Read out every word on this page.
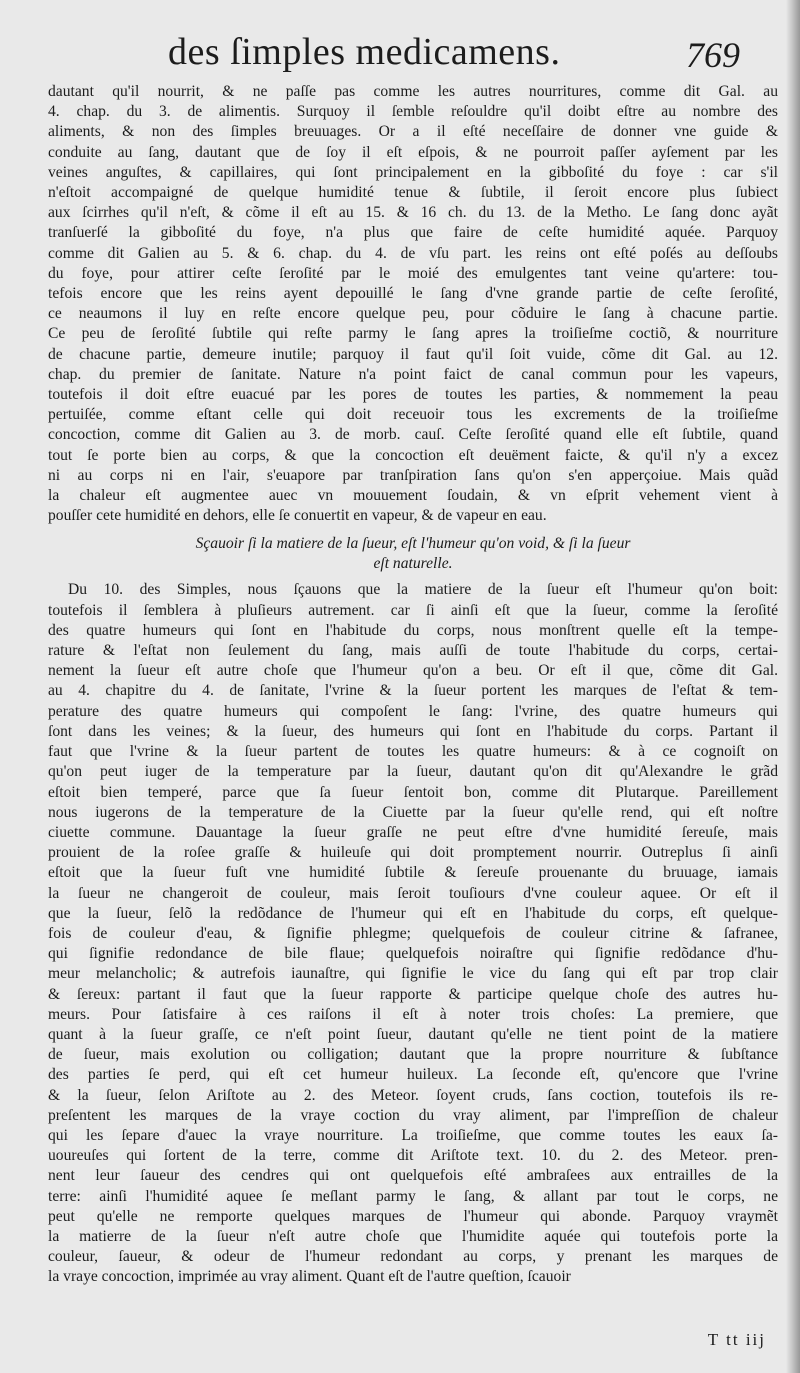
des ſimples medicamens.	769

dautant qu'il nourrit, & ne paſſe pas comme les autres nourritures, comme dit Gal. au

4. chap. du 3. de alimentis. Surquoy il ſemble reſouldre qu'il doibt eſtre au nombre des

aliments, & non des ſimples breuuages. Or a il eſté neceſſaire de donner vne guide &

conduite au ſang, dautant que de ſoy il eſt eſpois, & ne pourroit paſſer ayſement par les

veines anguſtes, & capillaires, qui ſont principalement en la gibboſité du foye : car s'il

n'eſtoit accompaigné de quelque humidité tenue & ſubtile, il ſeroit encore plus ſubiect

aux ſcirrhes qu'il n'eſt, & cõme il eſt au 15. & 16 ch. du 13. de la Metho. Le ſang donc ayãt

tranſuerſé la gibboſité du foye, n'a plus que faire de ceſte humidité aquée. Parquoy

comme dit Galien au 5. & 6. chap. du 4. de vſu part. les reins ont eſté poſés au deſſoubs

du foye, pour attirer ceſte ſeroſité par le moié des emulgentes tant veine qu'artere: tou-

tefois encore que les reins ayent depouillé le ſang d'vne grande partie de ceſte ſeroſité,

ce neaumons il luy en reſte encore quelque peu, pour cõduire le ſang à chacune partie.

Ce peu de ſeroſité ſubtile qui reſte parmy le ſang apres la troiſieſme coctiõ, & nourriture

de chacune partie, demeure inutile; parquoy il faut qu'il ſoit vuide, cõme dit Gal. au 12.

chap. du premier de ſanitate. Nature n'a point faict de canal commun pour les vapeurs,

toutefois il doit eſtre euacué par les pores de toutes les parties, & nommement la peau

pertuiſée, comme eſtant celle qui doit receuoir tous les excrements de la troiſieſme

concoction, comme dit Galien au 3. de morb. cauſ. Ceſte ſeroſité quand elle eſt ſubtile, quand

tout ſe porte bien au corps, & que la concoction eſt deuëment faicte, & qu'il n'y a excez

ni au corps ni en l'air, s'euapore par tranſpiration ſans qu'on s'en apperçoiue. Mais quãd

la chaleur eſt augmentee auec vn mouuement ſoudain, & vn eſprit vehement vient à

pouſſer cete humidité en dehors, elle ſe conuertit en vapeur, & de vapeur en eau.

Sçauoir ſi la matiere de la ſueur, eſt l'humeur qu'on void, & ſi la ſueur
eſt naturelle.

Du 10. des Simples, nous ſçauons que la matiere de la ſueur eſt l'humeur qu'on boit:

toutefois il ſemblera à pluſieurs autrement. car ſi ainſi eſt que la ſueur, comme la ſeroſité

des quatre humeurs qui ſont en l'habitude du corps, nous monſtrent quelle eſt la tempe-

rature & l'eſtat non ſeulement du ſang, mais auſſi de toute l'habitude du corps, certai-

nement la ſueur eſt autre choſe que l'humeur qu'on a beu. Or eſt il que, cõme dit Gal.

au 4. chapitre du 4. de ſanitate, l'vrine & la ſueur portent les marques de l'eſtat & tem-

perature des quatre humeurs qui compoſent le ſang: l'vrine, des quatre humeurs qui

ſont dans les veines; & la ſueur, des humeurs qui ſont en l'habitude du corps. Partant il

faut que l'vrine & la ſueur partent de toutes les quatre humeurs: & à ce cognoiſt on

qu'on peut iuger de la temperature par la ſueur, dautant qu'on dit qu'Alexandre le grãd

eſtoit bien temperé, parce que ſa ſueur ſentoit bon, comme dit Plutarque. Pareillement

nous iugerons de la temperature de la Ciuette par la ſueur qu'elle rend, qui eſt noſtre

ciuette commune. Dauantage la ſueur graſſe ne peut eſtre d'vne humidité ſereuſe, mais

prouient de la roſee graſſe & huileuſe qui doit promptement nourrir. Outreplus ſi ainſi

eſtoit que la ſueur fuſt vne humidité ſubtile & ſereuſe prouenante du bruuage, iamais

la ſueur ne changeroit de couleur, mais ſeroit touſiours d'vne couleur aquee. Or eſt il

que la ſueur, ſelõ la redõdance de l'humeur qui eſt en l'habitude du corps, eſt quelque-

fois de couleur d'eau, & ſignifie phlegme; quelquefois de couleur citrine & ſafranee,

qui ſignifie redondance de bile flaue; quelquefois noiraſtre qui ſignifie redõdance d'hu-

meur melancholic; & autrefois iaunaſtre, qui ſignifie le vice du ſang qui eſt par trop clair

& ſereux: partant il faut que la ſueur rapporte & participe quelque choſe des autres hu-

meurs. Pour ſatisfaire à ces raiſons il eſt à noter trois choſes: La premiere, que

quant à la ſueur graſſe, ce n'eſt point ſueur, dautant qu'elle ne tient point de la matiere

de ſueur, mais exolution ou colligation; dautant que la propre nourriture & ſubſtance

des parties ſe perd, qui eſt cet humeur huileux. La ſeconde eſt, qu'encore que l'vrine

& la ſueur, ſelon Ariſtote au 2. des Meteor. ſoyent cruds, ſans coction, toutefois ils re-

preſentent les marques de la vraye coction du vray aliment, par l'impreſſion de chaleur

qui les ſepare d'auec la vraye nourriture. La troiſieſme, que comme toutes les eaux ſa-

uoureuſes qui ſortent de la terre, comme dit Ariſtote text. 10. du 2. des Meteor. pren-

nent leur ſaueur des cendres qui ont quelquefois eſté ambraſees aux entrailles de la

terre: ainſi l'humidité aquee ſe meſlant parmy le ſang, & allant par tout le corps, ne

peut qu'elle ne remporte quelques marques de l'humeur qui abonde. Parquoy vraymẽt

la matierre de la ſueur n'eſt autre choſe que l'humidite aquée qui toutefois porte la

couleur, ſaueur, & odeur de l'humeur redondant au corps, y prenant les marques de

la vraye concoction, imprimée au vray aliment. Quant eſt de l'autre queſtion, ſcauoir

T tt iij
